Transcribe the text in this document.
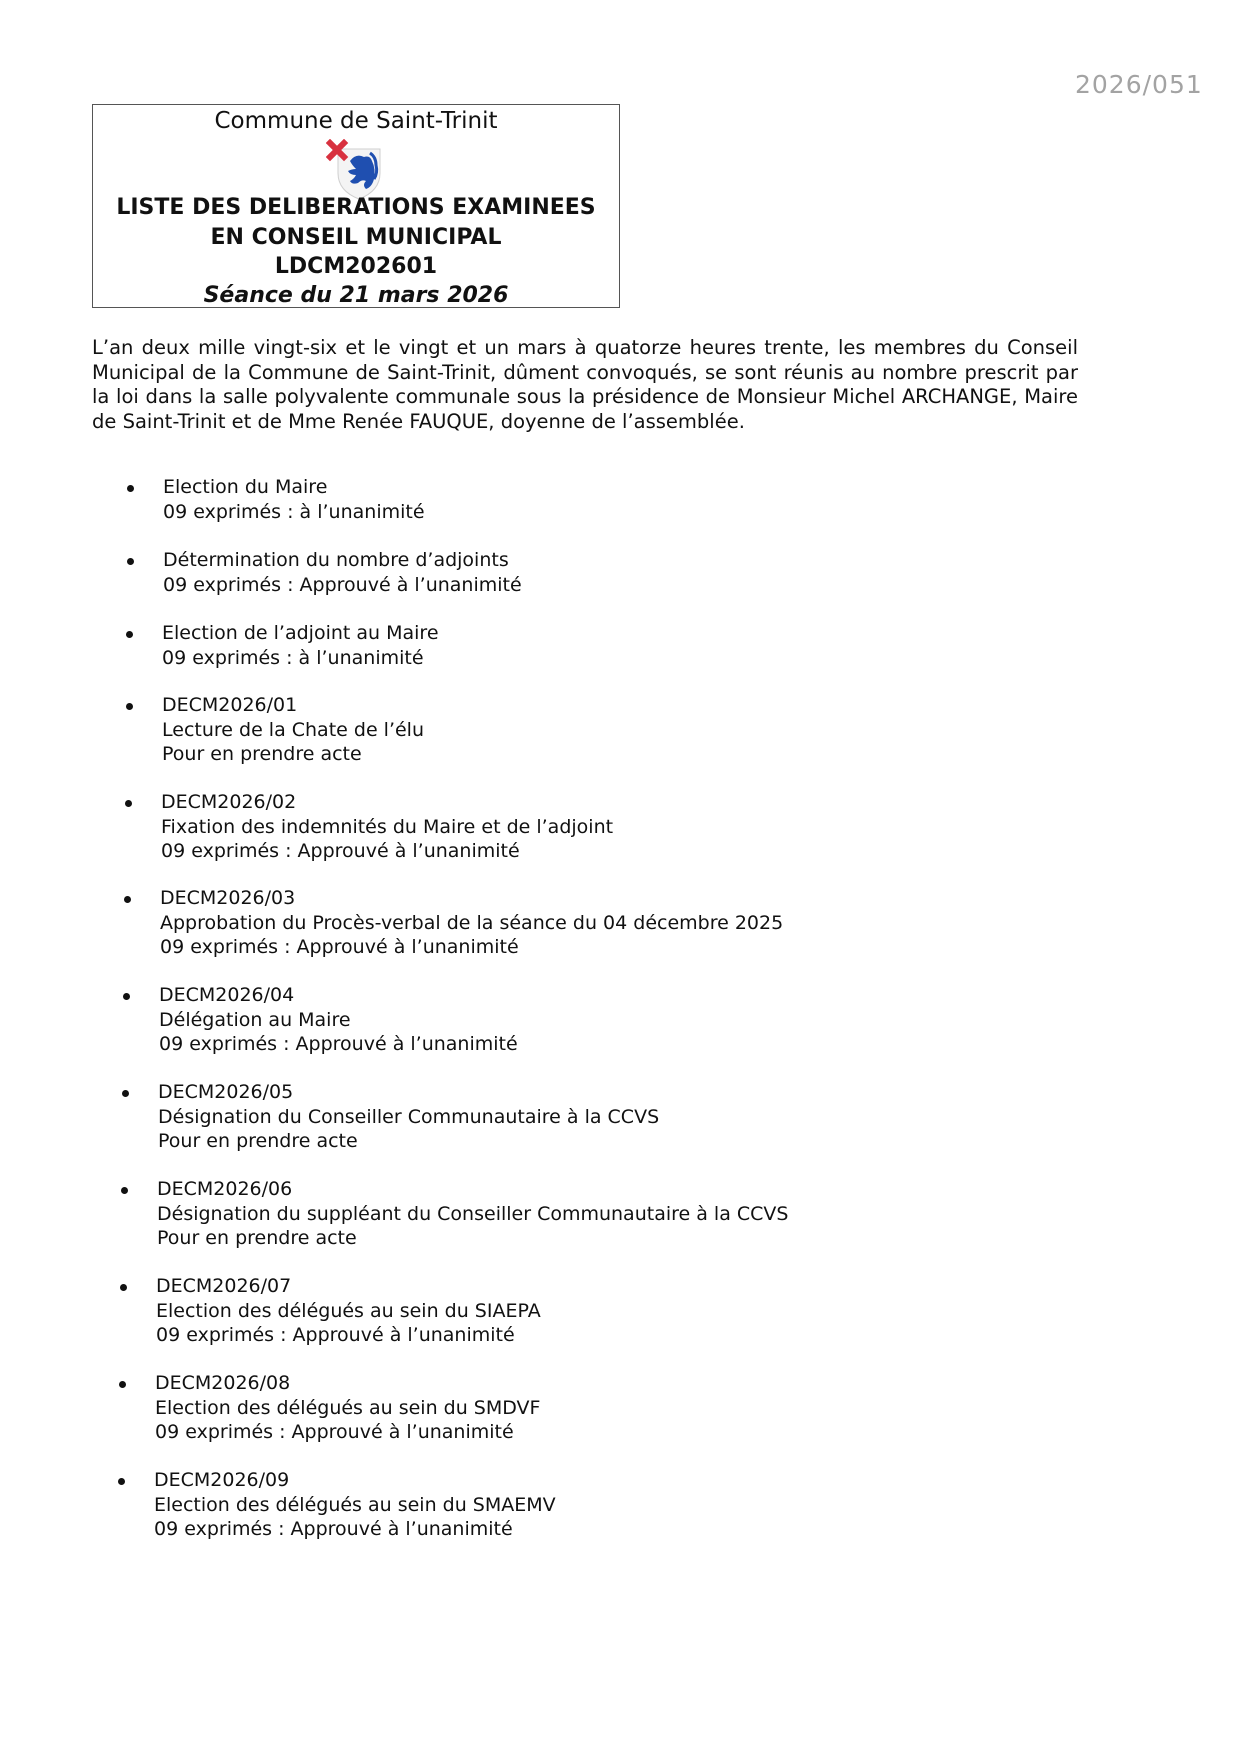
2026/051
Commune de Saint-Trinit
LISTE DES DELIBERATIONS EXAMINEES
EN CONSEIL MUNICIPAL
LDCM202601
Séance du 21 mars 2026

L’an deux mille vingt-six et le vingt et un mars à quatorze heures trente, les membres du Conseil Municipal de la Commune de Saint-Trinit, dûment convoqués, se sont réunis au nombre prescrit par la loi dans la salle polyvalente communale sous la présidence de Monsieur Michel ARCHANGE, Maire de Saint-Trinit et de Mme Renée FAUQUE, doyenne de l’assemblée.

Election du Maire
09 exprimés : à l’unanimité
Détermination du nombre d’adjoints
09 exprimés : Approuvé à l’unanimité
Election de l’adjoint au Maire
09 exprimés : à l’unanimité
DECM2026/01
Lecture de la Chate de l’élu
Pour en prendre acte
DECM2026/02
Fixation des indemnités du Maire et de l’adjoint
09 exprimés : Approuvé à l’unanimité
DECM2026/03
Approbation du Procès-verbal de la séance du 04 décembre 2025
09 exprimés : Approuvé à l’unanimité
DECM2026/04
Délégation au Maire
09 exprimés : Approuvé à l’unanimité
DECM2026/05
Désignation du Conseiller Communautaire à la CCVS
Pour en prendre acte
DECM2026/06
Désignation du suppléant du Conseiller Communautaire à la CCVS
Pour en prendre acte
DECM2026/07
Election des délégués au sein du SIAEPA
09 exprimés : Approuvé à l’unanimité
DECM2026/08
Election des délégués au sein du SMDVF
09 exprimés : Approuvé à l’unanimité
DECM2026/09
Election des délégués au sein du SMAEMV
09 exprimés : Approuvé à l’unanimité
